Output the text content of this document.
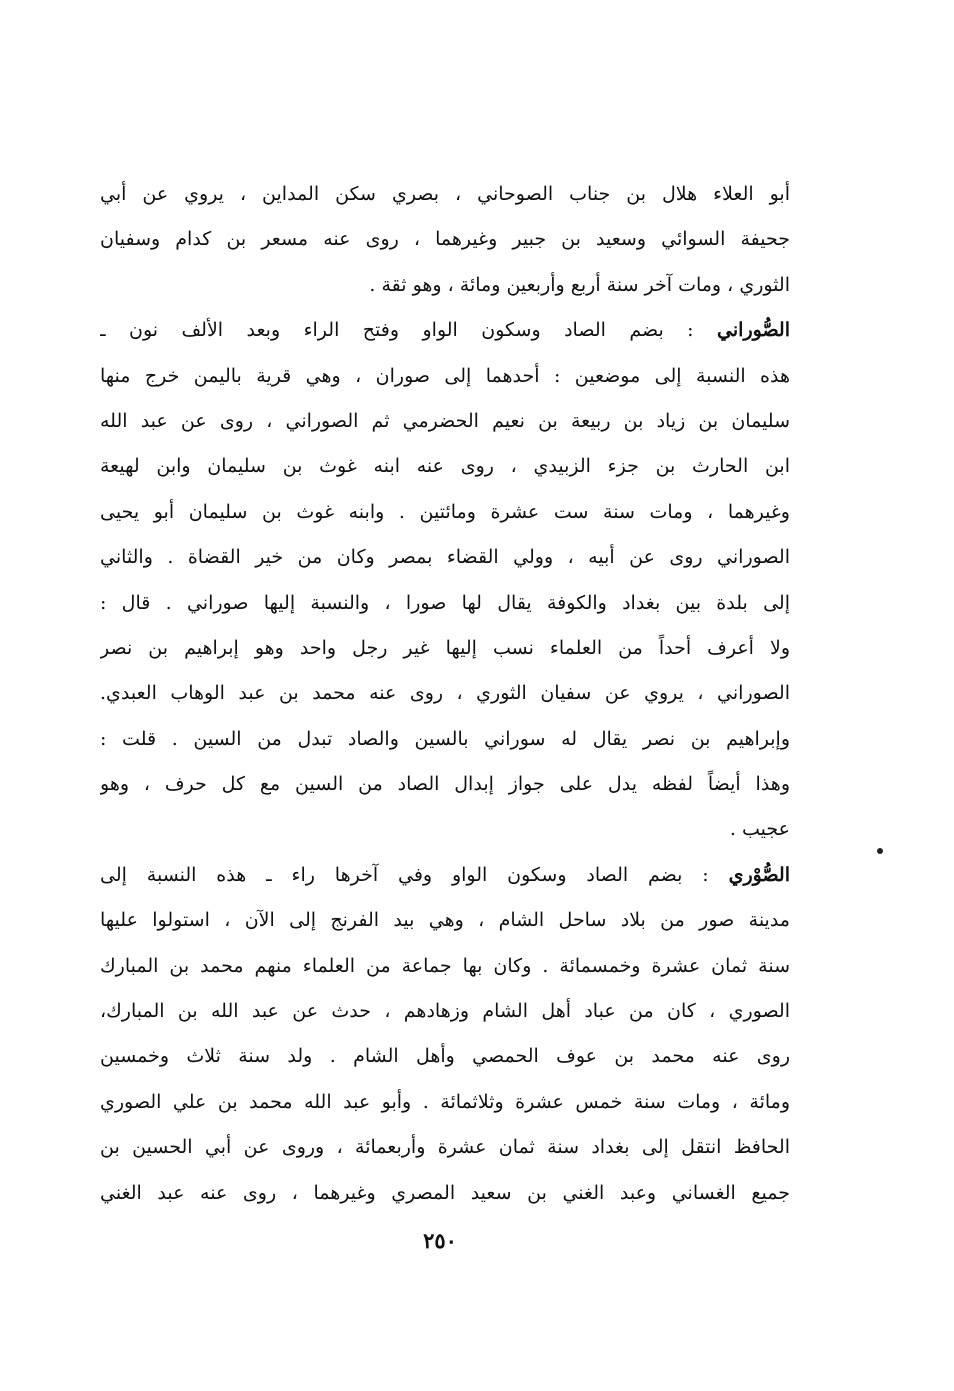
أبو العلاء هلال بن جناب الصوحاني ، بصري سكن المداين ، يروي عن أبي
جحيفة السوائي وسعيد بن جبير وغيرهما ، روى عنه مسعر بن كدام وسفيان
الثوري ، ومات آخر سنة أربع وأربعين ومائة ، وهو ثقة .
الصُّوراني : بضم الصاد وسكون الواو وفتح الراء وبعد الألف نون ـ
هذه النسبة إلى موضعين : أحدهما إلى صوران ، وهي قرية باليمن خرج منها
سليمان بن زياد بن ربيعة بن نعيم الحضرمي ثم الصوراني ، روى عن عبد الله
ابن الحارث بن جزء الزبيدي ، روى عنه ابنه غوث بن سليمان وابن لهيعة
وغيرهما ، ومات سنة ست عشرة ومائتين . وابنه غوث بن سليمان أبو يحيى
الصوراني روى عن أبيه ، وولي القضاء بمصر وكان من خير القضاة . والثاني
إلى بلدة بين بغداد والكوفة يقال لها صورا ، والنسبة إليها صوراني . قال :
ولا أعرف أحداً من العلماء نسب إليها غير رجل واحد وهو إبراهيم بن نصر
الصوراني ، يروي عن سفيان الثوري ، روى عنه محمد بن عبد الوهاب العبدي.
وإبراهيم بن نصر يقال له سوراني بالسين والصاد تبدل من السين . قلت :
وهذا أيضاً لفظه يدل على جواز إبدال الصاد من السين مع كل حرف ، وهو
عجيب .
الصُّوْري : بضم الصاد وسكون الواو وفي آخرها راء ـ هذه النسبة إلى
مدينة صور من بلاد ساحل الشام ، وهي بيد الفرنج إلى الآن ، استولوا عليها
سنة ثمان عشرة وخمسمائة . وكان بها جماعة من العلماء منهم محمد بن المبارك
الصوري ، كان من عباد أهل الشام وزهادهم ، حدث عن عبد الله بن المبارك،
روى عنه محمد بن عوف الحمصي وأهل الشام . ولد سنة ثلاث وخمسين
ومائة ، ومات سنة خمس عشرة وثلاثمائة . وأبو عبد الله محمد بن علي الصوري
الحافظ انتقل إلى بغداد سنة ثمان عشرة وأربعمائة ، وروى عن أبي الحسين بن
جميع الغساني وعبد الغني بن سعيد المصري وغيرهما ، روى عنه عبد الغني
٢٥٠
